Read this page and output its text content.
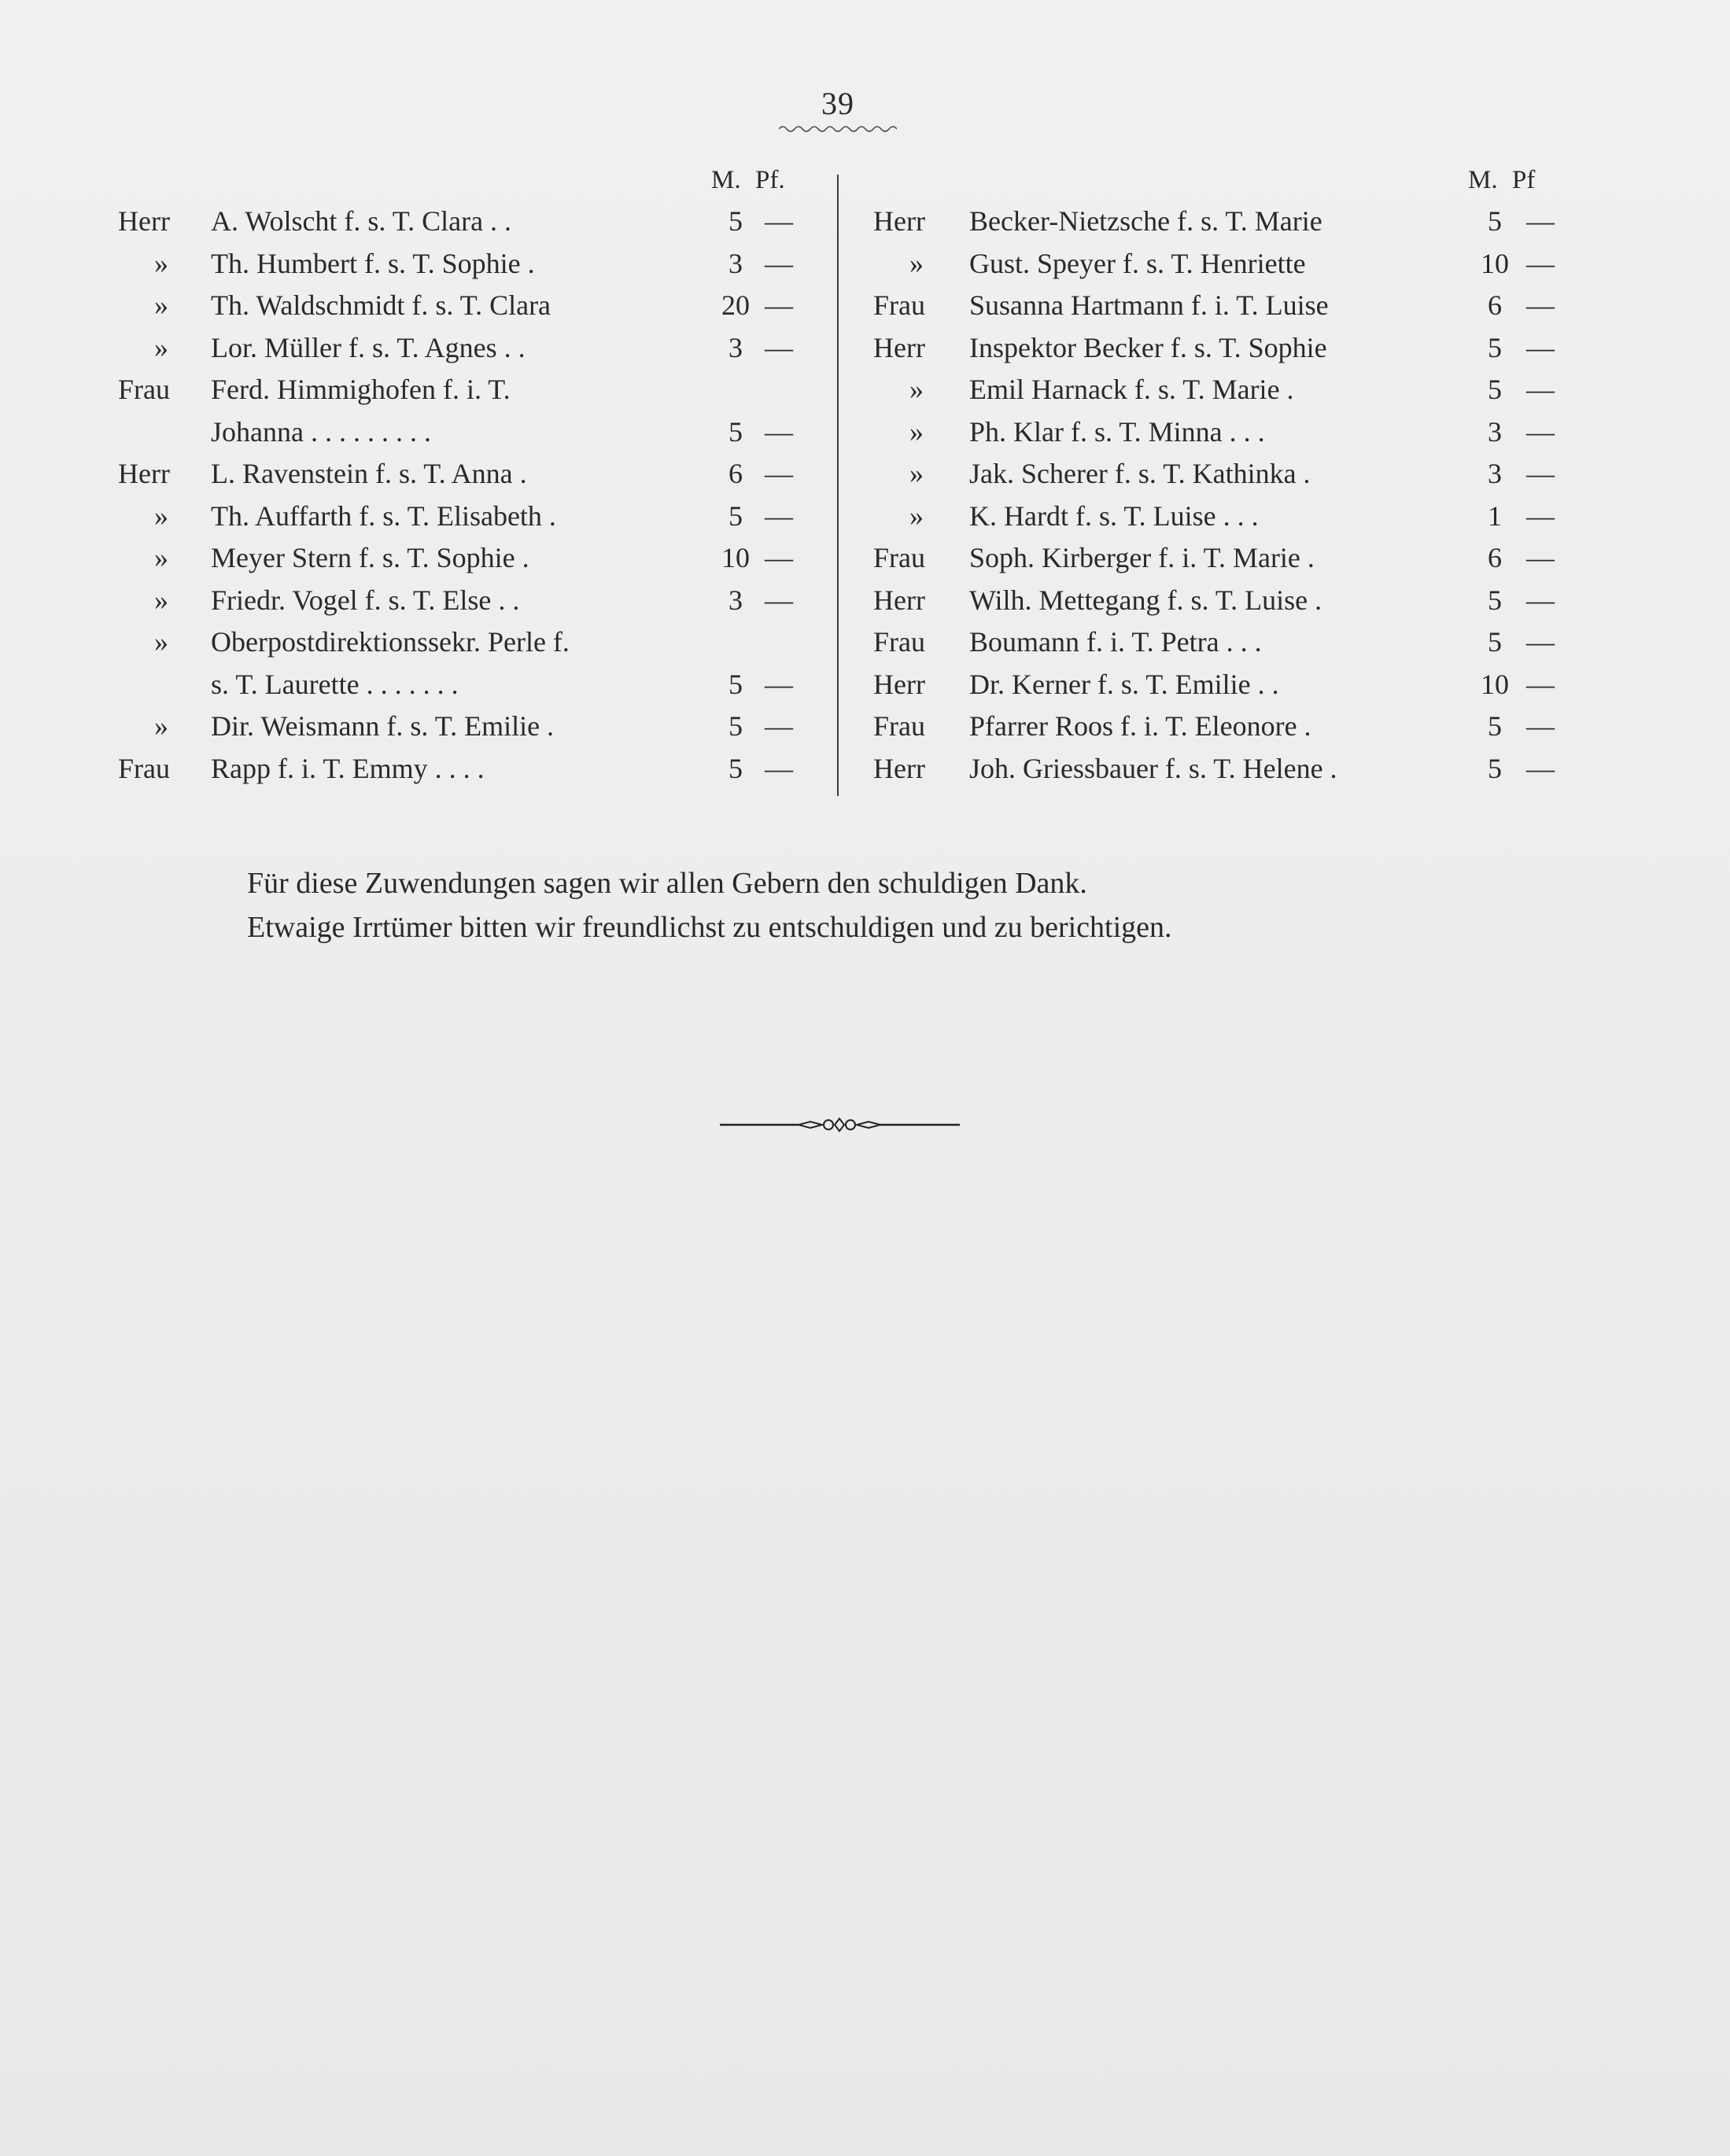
39
M. Pf.
Herr	A. Wolscht f. s. T. Clara . .	5 —
»	Th. Humbert f. s. T. Sophie .	3 —
»	Th. Waldschmidt f. s. T. Clara	20 —
»	Lor. Müller f. s. T. Agnes . .	3 —
Frau	Ferd. Himmighofen f. i. T.
Johanna . . . . . . . . .	5 —
Herr	L. Ravenstein f. s. T. Anna .	6 —
»	Th. Auffarth f. s. T. Elisabeth .	5 —
»	Meyer Stern f. s. T. Sophie .	10 —
»	Friedr. Vogel f. s. T. Else . .	3 —
»	Oberpostdirektionssekr. Perle f.
s. T. Laurette . . . . . . .	5 —
»	Dir. Weismann f. s. T. Emilie .	5 —
Frau	Rapp f. i. T. Emmy . . . .	5 —
M. Pf
Herr	Becker-Nietzsche f. s. T. Marie	5 —
»	Gust. Speyer f. s. T. Henriette	10 —
Frau	Susanna Hartmann f. i. T. Luise	6 —
Herr	Inspektor Becker f. s. T. Sophie	5 —
»	Emil Harnack f. s. T. Marie .	5 —
»	Ph. Klar f. s. T. Minna . . .	3 —
»	Jak. Scherer f. s. T. Kathinka .	3 —
»	K. Hardt f. s. T. Luise . . .	1 —
Frau	Soph. Kirberger f. i. T. Marie .	6 —
Herr	Wilh. Mettegang f. s. T. Luise .	5 —
Frau	Boumann f. i. T. Petra . . .	5 —
Herr	Dr. Kerner f. s. T. Emilie . .	10 —
Frau	Pfarrer Roos f. i. T. Eleonore .	5 —
Herr	Joh. Griessbauer f. s. T. Helene .	5 —
Für diese Zuwendungen sagen wir allen Gebern den schuldigen Dank.
Etwaige Irrtümer bitten wir freundlichst zu entschuldigen und zu berichtigen.
